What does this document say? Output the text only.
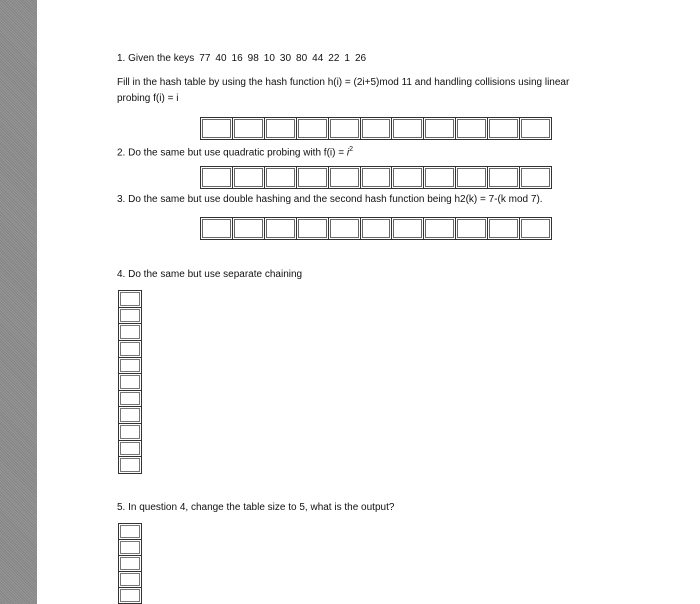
1. Given the keys 77 40 16 98 10 30 80 44 22 1 26
Fill in the hash table by using the hash function h(i) = (2i+5)mod 11 and handling collisions using linear
probing f(i) = i
2. Do the same but use quadratic probing with $f(i) = i^2$
3. Do the same but use double hashing and the second hash function being h2(k) = 7-(k mod 7).
4. Do the same but use separate chaining
5. In question 4, change the table size to 5, what is the output?
